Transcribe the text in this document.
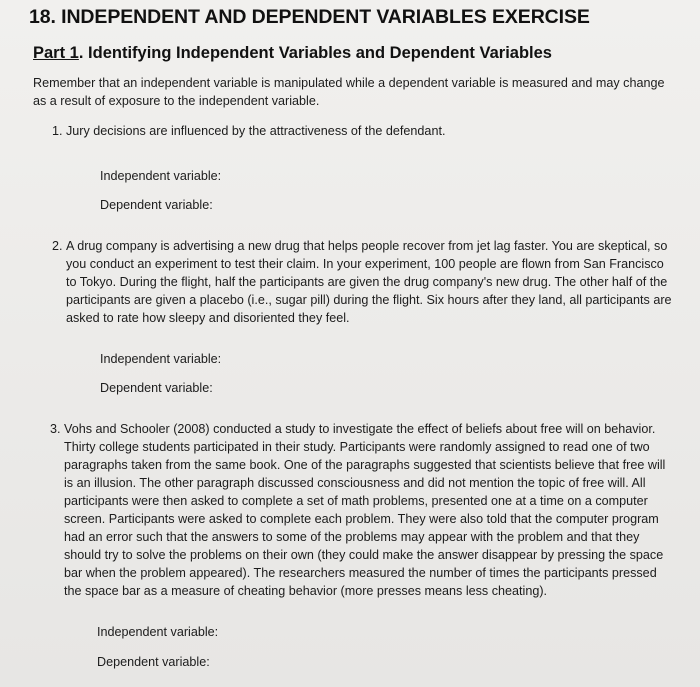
18. INDEPENDENT AND DEPENDENT VARIABLES EXERCISE
Part 1. Identifying Independent Variables and Dependent Variables
Remember that an independent variable is manipulated while a dependent variable is measured and may change as a result of exposure to the independent variable.
1. Jury decisions are influenced by the attractiveness of the defendant.
Independent variable:
Dependent variable:
2. A drug company is advertising a new drug that helps people recover from jet lag faster. You are skeptical, so you conduct an experiment to test their claim. In your experiment, 100 people are flown from San Francisco to Tokyo. During the flight, half the participants are given the drug company's new drug. The other half of the participants are given a placebo (i.e., sugar pill) during the flight. Six hours after they land, all participants are asked to rate how sleepy and disoriented they feel.
Independent variable:
Dependent variable:
3. Vohs and Schooler (2008) conducted a study to investigate the effect of beliefs about free will on behavior. Thirty college students participated in their study. Participants were randomly assigned to read one of two paragraphs taken from the same book. One of the paragraphs suggested that scientists believe that free will is an illusion. The other paragraph discussed consciousness and did not mention the topic of free will. All participants were then asked to complete a set of math problems, presented one at a time on a computer screen. Participants were asked to complete each problem. They were also told that the computer program had an error such that the answers to some of the problems may appear with the problem and that they should try to solve the problems on their own (they could make the answer disappear by pressing the space bar when the problem appeared). The researchers measured the number of times the participants pressed the space bar as a measure of cheating behavior (more presses means less cheating).
Independent variable:
Dependent variable:
